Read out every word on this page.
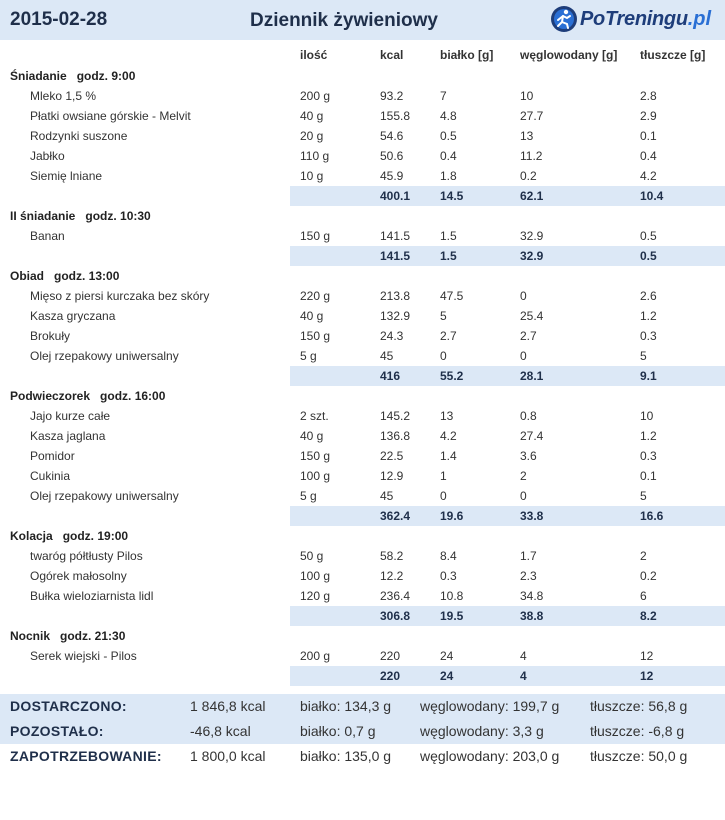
2015-02-28	Dziennik żywieniowy	PoTreningu .pl
ilość	kcal	białko [g] węglowodany [g] tłuszcze [g]
Śniadanie godz. 9:00
Mleko 1,5 %	200 g	93.2	7	10	2.8
Płatki owsiane górskie - Melvit	40 g	155.8 4.8	27.7	2.9
Rodzynki suszone	20 g	54.6	0.5	13	0.1
Jabłko	110 g	50.6	0.4	11.2	0.4
Siemię lniane	10 g	45.9	1.8	0.2	4.2
400.1 14.5	62.1	10.4
II śniadanie godz. 10:30
Banan	150 g	141.5 1.5	32.9	0.5
141.5 1.5	32.9	0.5
Obiad godz. 13:00
Mięso z piersi kurczaka bez skóry	220 g	213.8 47.5	0	2.6
Kasza gryczana	40 g	132.9 5	25.4	1.2
Brokuły	150 g	24.3	2.7	2.7	0.3
Olej rzepakowy uniwersalny	5 g	45	0	0	5
416	55.2	28.1	9.1
Podwieczorek godz. 16:00
Jajo kurze całe	2 szt.	145.2 13	0.8	10
Kasza jaglana	40 g	136.8 4.2	27.4	1.2
Pomidor	150 g	22.5	1.4	3.6	0.3
Cukinia	100 g	12.9	1	2	0.1
Olej rzepakowy uniwersalny	5 g	45	0	0	5
362.4 19.6	33.8	16.6
Kolacja godz. 19:00
twaróg półtłusty Pilos	50 g	58.2	8.4	1.7	2
Ogórek małosolny	100 g	12.2	0.3	2.3	0.2
Bułka wieloziarnista lidl	120 g	236.4 10.8	34.8	6
306.8 19.5	38.8	8.2
Nocnik godz. 21:30
Serek wiejski - Pilos	200 g	220	24	4	12
220	24	4	12
DOSTARCZONO:	1 846,8 kcal białko: 134,3 g węglowodany: 199,7 g tłuszcze: 56,8 g
POZOSTAŁO:	-46,8 kcal	białko: 0,7 g	węglowodany: 3,3 g	tłuszcze: -6,8 g
ZAPOTRZEBOWANIE: 1 800,0 kcal białko: 135,0 g węglowodany: 203,0 g tłuszcze: 50,0 g
